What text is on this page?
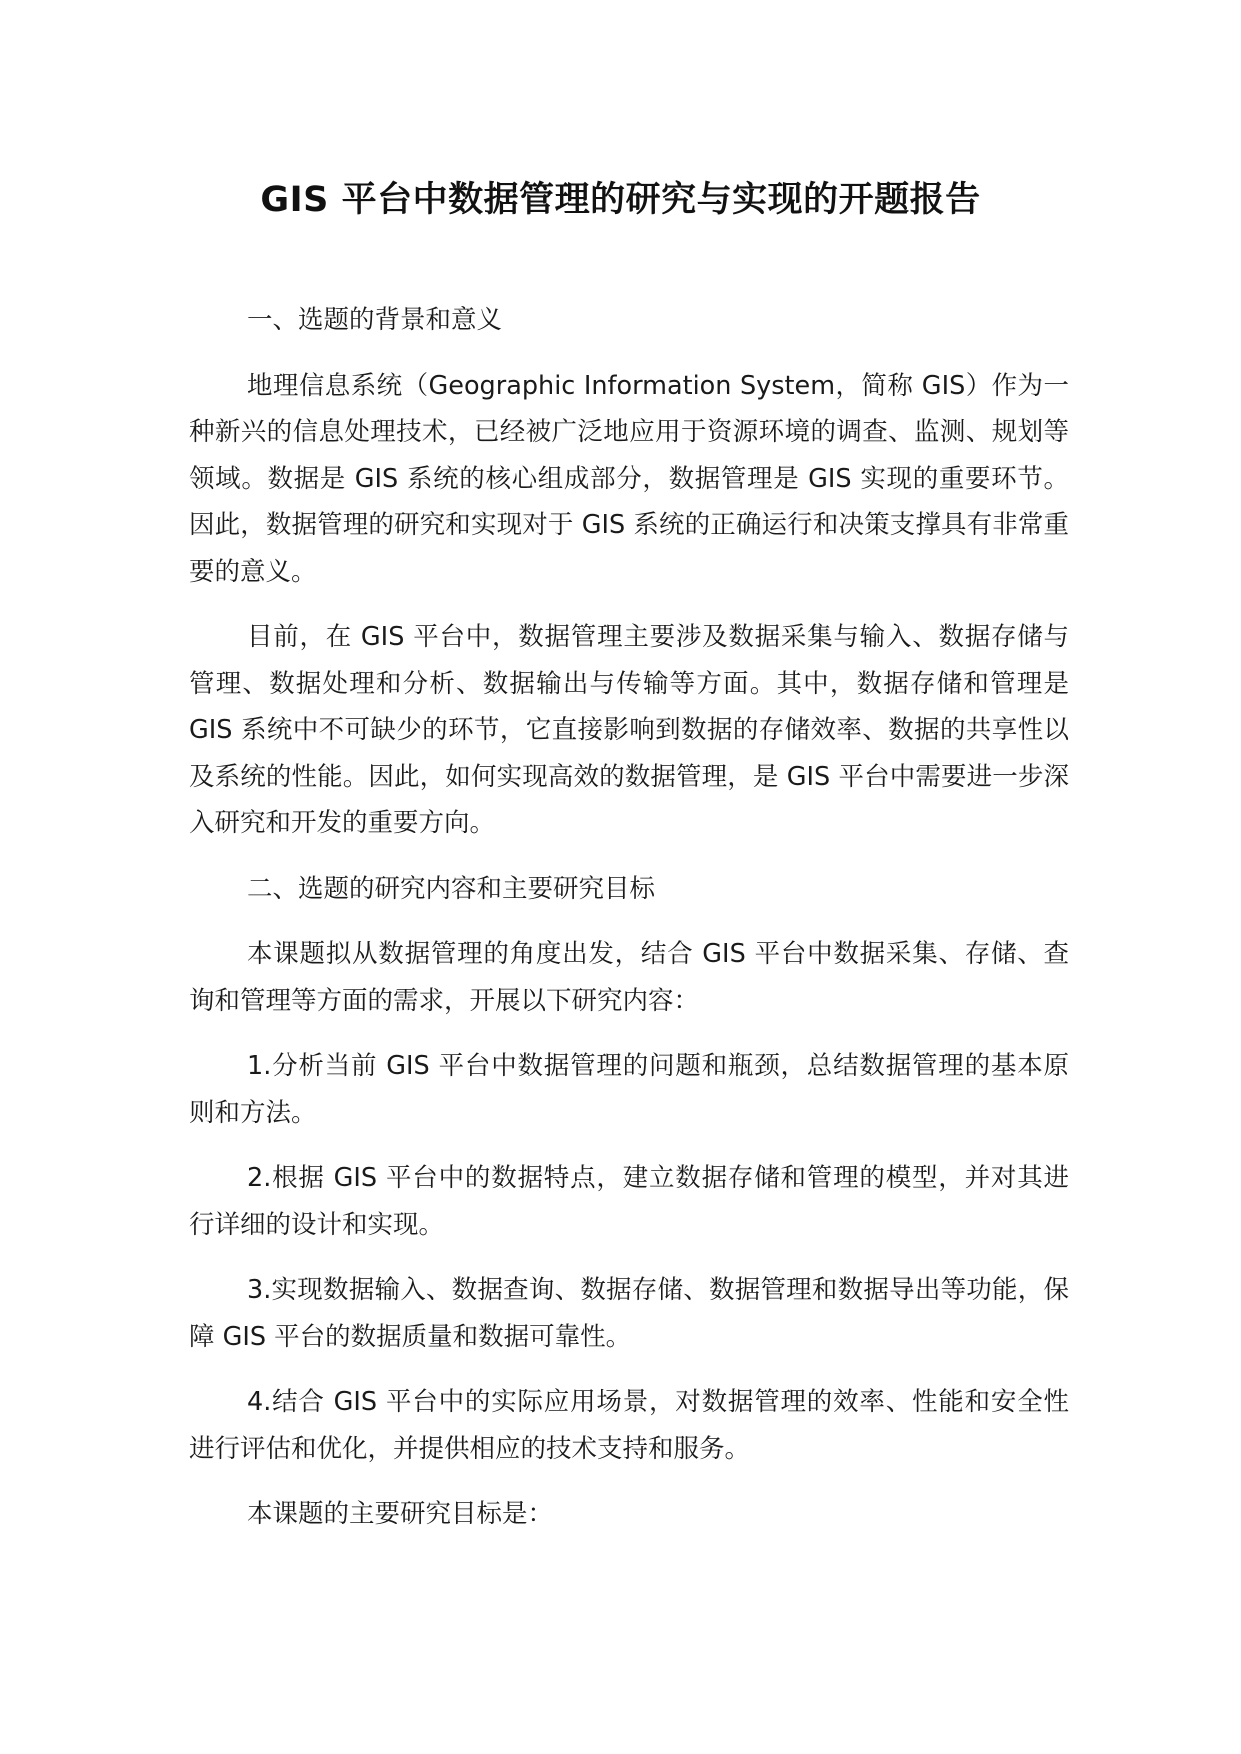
GIS 平台中数据管理的研究与实现的开题报告

一、选题的背景和意义

地理信息系统（Geographic Information System，简称 GIS）作为一种新兴的信息处理技术，已经被广泛地应用于资源环境的调查、监测、规划等领域。数据是 GIS 系统的核心组成部分，数据管理是 GIS 实现的重要环节。因此，数据管理的研究和实现对于 GIS 系统的正确运行和决策支撑具有非常重要的意义。

目前，在 GIS 平台中，数据管理主要涉及数据采集与输入、数据存储与管理、数据处理和分析、数据输出与传输等方面。其中，数据存储和管理是 GIS 系统中不可缺少的环节，它直接影响到数据的存储效率、数据的共享性以及系统的性能。因此，如何实现高效的数据管理，是 GIS 平台中需要进一步深入研究和开发的重要方向。

二、选题的研究内容和主要研究目标

本课题拟从数据管理的角度出发，结合 GIS 平台中数据采集、存储、查询和管理等方面的需求，开展以下研究内容：

1.分析当前 GIS 平台中数据管理的问题和瓶颈，总结数据管理的基本原则和方法。

2.根据 GIS 平台中的数据特点，建立数据存储和管理的模型，并对其进行详细的设计和实现。

3.实现数据输入、数据查询、数据存储、数据管理和数据导出等功能，保障 GIS 平台的数据质量和数据可靠性。

4.结合 GIS 平台中的实际应用场景，对数据管理的效率、性能和安全性进行评估和优化，并提供相应的技术支持和服务。

本课题的主要研究目标是：
